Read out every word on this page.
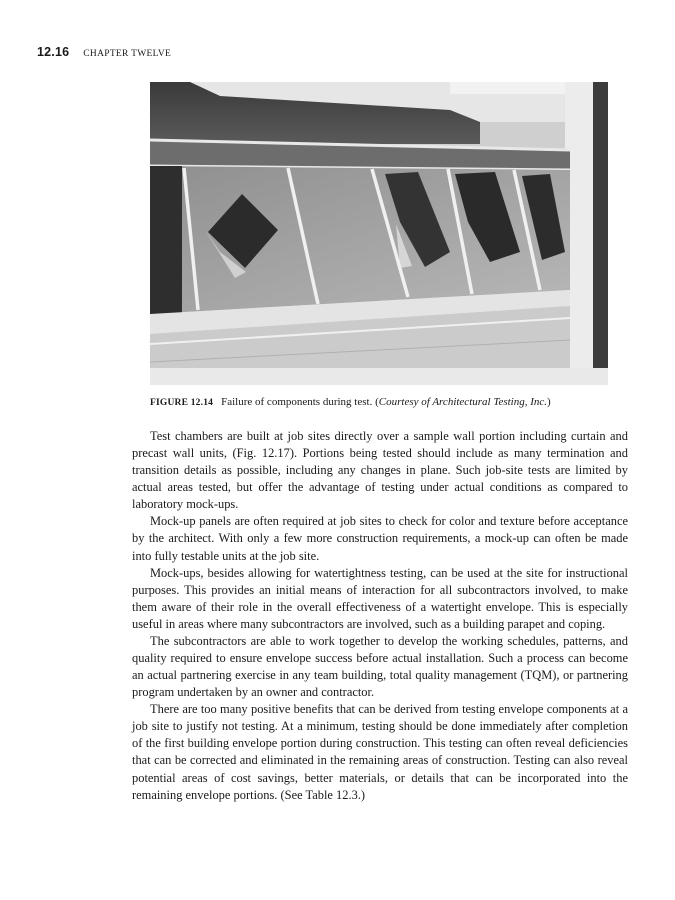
12.16 CHAPTER TWELVE
FIGURE 12.14 Failure of components during test. (Courtesy of Architectural Testing, Inc.)

Test chambers are built at job sites directly over a sample wall portion including curtain and precast wall units, (Fig. 12.17). Portions being tested should include as many termination and transition details as possible, including any changes in plane. Such job-site tests are limited by actual areas tested, but offer the advantage of testing under actual conditions as compared to laboratory mock-ups.

Mock-up panels are often required at job sites to check for color and texture before acceptance by the architect. With only a few more construction requirements, a mock-up can often be made into fully testable units at the job site.

Mock-ups, besides allowing for watertightness testing, can be used at the site for instructional purposes. This provides an initial means of interaction for all subcontractors involved, to make them aware of their role in the overall effectiveness of a watertight envelope. This is especially useful in areas where many subcontractors are involved, such as a building parapet and coping.

The subcontractors are able to work together to develop the working schedules, patterns, and quality required to ensure envelope success before actual installation. Such a process can become an actual partnering exercise in any team building, total quality management (TQM), or partnering program undertaken by an owner and contractor.

There are too many positive benefits that can be derived from testing envelope components at a job site to justify not testing. At a minimum, testing should be done immediately after completion of the first building envelope portion during construction. This testing can often reveal deficiencies that can be corrected and eliminated in the remaining areas of construction. Testing can also reveal potential areas of cost savings, better materials, or details that can be incorporated into the remaining envelope portions. (See Table 12.3.)
